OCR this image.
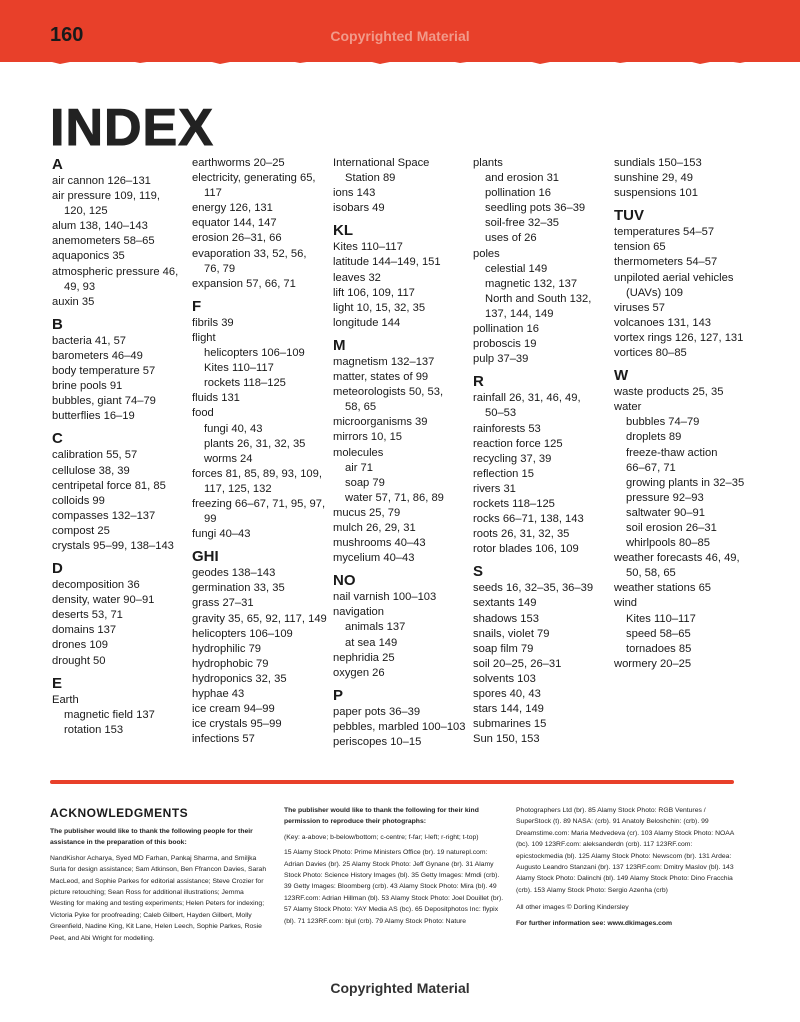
160	Copyrighted Material
INDEX
A
air cannon 126–131
air pressure 109, 119,
120, 125
alum 138, 140–143
anemometers 58–65
aquaponics 35
atmospheric pressure 46,
49, 93
auxin 35
B
bacteria 41, 57
barometers 46–49
body temperature 57
brine pools 91
bubbles, giant 74–79
butterflies 16–19
C
calibration 55, 57
cellulose 38, 39
centripetal force 81, 85
colloids 99
compasses 132–137
compost 25
crystals 95–99, 138–143
D
decomposition 36
density, water 90–91
deserts 53, 71
domains 137
drones 109
drought 50
E
Earth
magnetic field 137
rotation 153
earthworms 20–25
electricity, generating 65,
117
energy 126, 131
equator 144, 147
erosion 26–31, 66
evaporation 33, 52, 56,
76, 79
expansion 57, 66, 71
F
fibrils 39
flight
helicopters 106–109
Kites 110–117
rockets 118–125
fluids 131
food
fungi 40, 43
plants 26, 31, 32, 35
worms 24
forces 81, 85, 89, 93, 109,
117, 125, 132
freezing 66–67, 71, 95, 97,
99
fungi 40–43
GHI
geodes 138–143
germination 33, 35
grass 27–31
gravity 35, 65, 92, 117, 149
helicopters 106–109
hydrophilic 79
hydrophobic 79
hydroponics 32, 35
hyphae 43
ice cream 94–99
ice crystals 95–99
infections 57
International Space
Station 89
ions 143
isobars 49
KL
Kites 110–117
latitude 144–149, 151
leaves 32
lift 106, 109, 117
light 10, 15, 32, 35
longitude 144
M
magnetism 132–137
matter, states of 99
meteorologists 50, 53,
58, 65
microorganisms 39
mirrors 10, 15
molecules
air 71
soap 79
water 57, 71, 86, 89
mucus 25, 79
mulch 26, 29, 31
mushrooms 40–43
mycelium 40–43
NO
nail varnish 100–103
navigation
animals 137
at sea 149
nephridia 25
oxygen 26
P
paper pots 36–39
pebbles, marbled 100–103
periscopes 10–15
plants
and erosion 31
pollination 16
seedling pots 36–39
soil-free 32–35
uses of 26
poles
celestial 149
magnetic 132, 137
North and South 132,
137, 144, 149
pollination 16
proboscis 19
pulp 37–39
R
rainfall 26, 31, 46, 49,
50–53
rainforests 53
reaction force 125
recycling 37, 39
reflection 15
rivers 31
rockets 118–125
rocks 66–71, 138, 143
roots 26, 31, 32, 35
rotor blades 106, 109
S
seeds 16, 32–35, 36–39
sextants 149
shadows 153
snails, violet 79
soap film 79
soil 20–25, 26–31
solvents 103
spores 40, 43
stars 144, 149
submarines 15
Sun 150, 153
sundials 150–153
sunshine 29, 49
suspensions 101
TUV
temperatures 54–57
tension 65
thermometers 54–57
unpiloted aerial vehicles
(UAVs) 109
viruses 57
volcanoes 131, 143
vortex rings 126, 127, 131
vortices 80–85
W
waste products 25, 35
water
bubbles 74–79
droplets 89
freeze-thaw action
66–67, 71
growing plants in 32–35
pressure 92–93
saltwater 90–91
soil erosion 26–31
whirlpools 80–85
weather forecasts 46, 49,
50, 58, 65
weather stations 65
wind
Kites 110–117
speed 58–65
tornadoes 85
wormery 20–25
ACKNOWLEDGMENTS

The publisher would like to thank the following people for their assistance in the preparation of this book:

NandKishor Acharya, Syed MD Farhan, Pankaj Sharma, and Smiljka Surla for design assistance; Sam Atkinson, Ben Ffrancon Davies, Sarah MacLeod, and Sophie Parkes for editorial assistance; Steve Crozier for picture retouching; Sean Ross for additional illustrations; Jemma Westing for making and testing experiments; Helen Peters for indexing; Victoria Pyke for proofreading; Caleb Gilbert, Hayden Gilbert, Molly Greenfield, Nadine King, Kit Lane, Helen Leech, Sophie Parkes, Rosie Peet, and Abi Wright for modelling.

The publisher would like to thank the following for their kind permission to reproduce their photographs:

(Key: a-above; b-below/bottom; c-centre; f-far; l-left; r-right; t-top)

15 Alamy Stock Photo: Prime Ministers Office (br). 19 naturepl.com: Adrian Davies (br). 25 Alamy Stock Photo: Jeff Gynane (br). 31 Alamy Stock Photo: Science History Images (bl). 35 Getty Images: Mmdi (crb). 39 Getty Images: Bloomberg (crb). 43 Alamy Stock Photo: Mira (bl). 49 123RF.com: Adrian Hillman (bl). 53 Alamy Stock Photo: Joel Douillet (br). 57 Alamy Stock Photo: YAY Media AS (bc). 65 Depositphotos Inc: flypix (bl). 71 123RF.com: bjul (crb). 79 Alamy Stock Photo: Nature

Photographers Ltd (br). 85 Alamy Stock Photo: RGB Ventures / SuperStock (t). 89 NASA: (crb). 91 Anatoly Beloshchin: (crb). 99 Dreamstime.com: Maria Medvedeva (cr). 103 Alamy Stock Photo: NOAA (bc). 109 123RF.com: aleksanderdn (crb). 117 123RF.com: epicstockmedia (bl). 125 Alamy Stock Photo: Newscom (br). 131 Ardea: Augusto Leandro Stanzani (br). 137 123RF.com: Dmitry Maslov (bl). 143 Alamy Stock Photo: Dalinchi (bl). 149 Alamy Stock Photo: Dino Fracchia (crb). 153 Alamy Stock Photo: Sergio Azenha (crb)

All other images © Dorling Kindersley

For further information see: www.dkimages.com

Copyrighted Material
